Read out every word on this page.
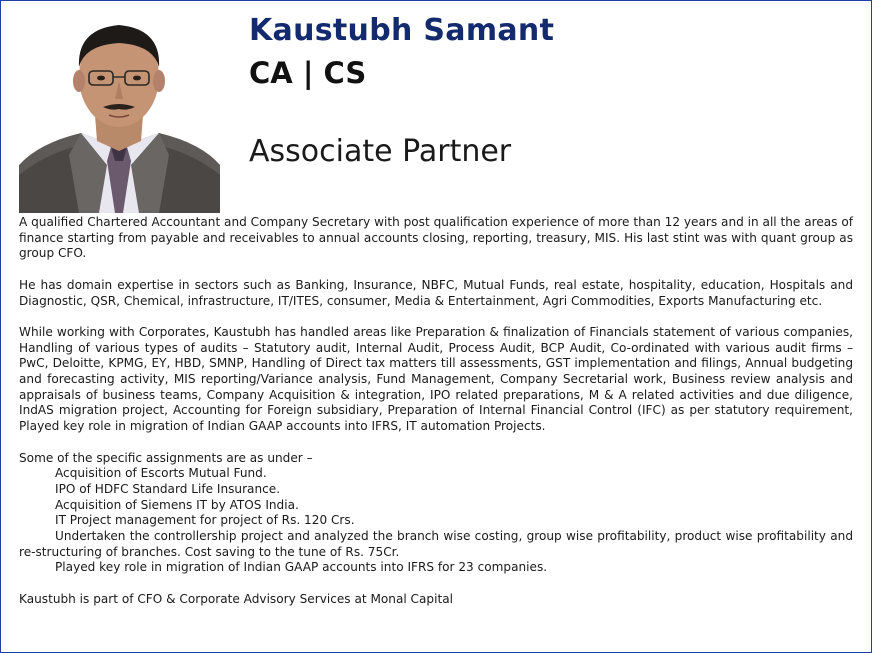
Kaustubh Samant
CA | CS
Associate Partner

A qualified Chartered Accountant and Company Secretary with post qualification experience of more than 12 years and in all the areas of finance starting from payable and receivables to annual accounts closing, reporting, treasury, MIS. His last stint was with quant group as group CFO.

He has domain expertise in sectors such as Banking, Insurance, NBFC, Mutual Funds, real estate, hospitality, education, Hospitals and Diagnostic, QSR, Chemical, infrastructure, IT/ITES, consumer, Media & Entertainment, Agri Commodities, Exports Manufacturing etc.

While working with Corporates, Kaustubh has handled areas like Preparation & finalization of Financials statement of various companies, Handling of various types of audits – Statutory audit, Internal Audit, Process Audit, BCP Audit, Co-ordinated with various audit firms – PwC, Deloitte, KPMG, EY, HBD, SMNP, Handling of Direct tax matters till assessments, GST implementation and filings, Annual budgeting and forecasting activity, MIS reporting/Variance analysis, Fund Management, Company Secretarial work, Business review analysis and appraisals of business teams, Company Acquisition & integration, IPO related preparations, M & A related activities and due diligence, IndAS migration project, Accounting for Foreign subsidiary, Preparation of Internal Financial Control (IFC) as per statutory requirement, Played key role in migration of Indian GAAP accounts into IFRS, IT automation Projects.

Some of the specific assignments are as under –
Acquisition of Escorts Mutual Fund.
IPO of HDFC Standard Life Insurance.
Acquisition of Siemens IT by ATOS India.
IT Project management for project of Rs. 120 Crs.
Undertaken the controllership project and analyzed the branch wise costing, group wise profitability, product wise profitability and re-structuring of branches. Cost saving to the tune of Rs. 75Cr.
Played key role in migration of Indian GAAP accounts into IFRS for 23 companies.
Kaustubh is part of CFO & Corporate Advisory Services at Monal Capital
